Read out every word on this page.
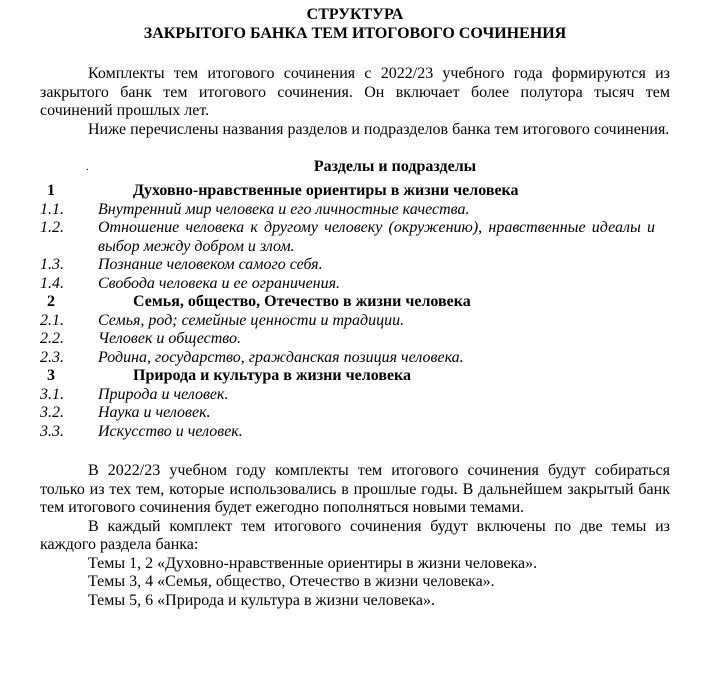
СТРУКТУРА

ЗАКРЫТОГО БАНКА ТЕМ ИТОГОВОГО СОЧИНЕНИЯ

Комплекты тем итогового сочинения с 2022/23 учебного года формируются из закрытого банк тем итогового сочинения. Он включает более полутора тысяч тем сочинений прошлых лет.

Ниже перечислены названия разделов и подразделов банка тем итогового сочинения.

.	Разделы и подразделы
1	Духовно-нравственные ориентиры в жизни человека
1.1.	Внутренний мир человека и его личностные качества.
1.2.	Отношение человека к другому человеку (окружению), нравственные идеалы и выбор между добром и злом.
1.3.	Познание человеком самого себя.
1.4.	Свобода человека и ее ограничения.
2	Семья, общество, Отечество в жизни человека
2.1.	Семья, род; семейные ценности и традиции.
2.2.	Человек и общество.
2.3.	Родина, государство, гражданская позиция человека.
3	Природа и культура в жизни человека
3.1.	Природа и человек.
3.2.	Наука и человек.
3.3.	Искусство и человек.

В 2022/23 учебном году комплекты тем итогового сочинения будут собираться только из тех тем, которые использовались в прошлые годы. В дальнейшем закрытый банк тем итогового сочинения будет ежегодно пополняться новыми темами.

В каждый комплект тем итогового сочинения будут включены по две темы из каждого раздела банка:

Темы 1, 2 «Духовно-нравственные ориентиры в жизни человека».

Темы 3, 4 «Семья, общество, Отечество в жизни человека».

Темы 5, 6 «Природа и культура в жизни человека».
